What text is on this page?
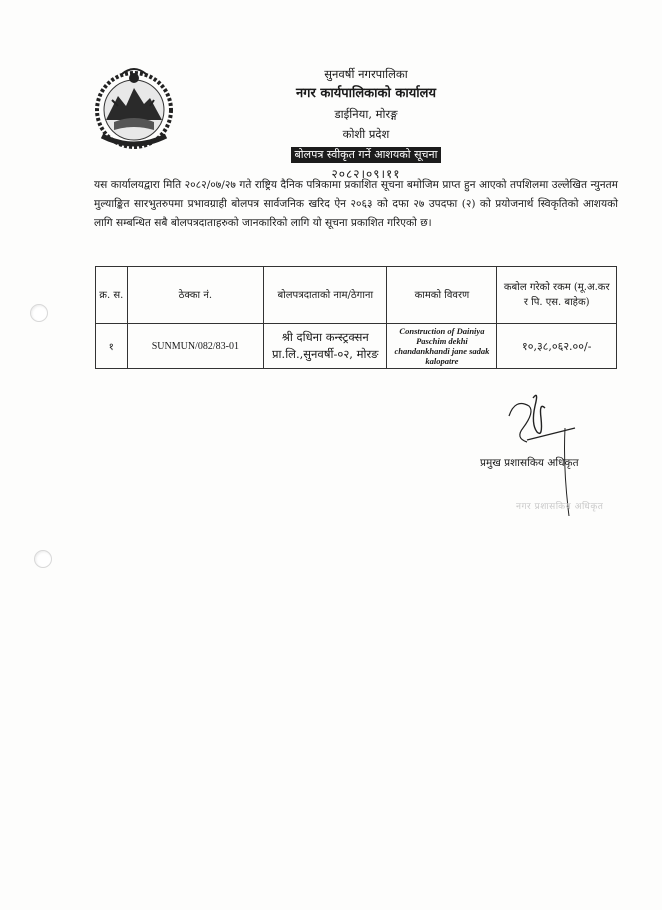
सुनवर्षी नगरपालिका
नगर कार्यपालिकाको कार्यालय
डाईनिया, मोरङ्ग
कोशी प्रदेश
बोलपत्र स्वीकृत गर्ने आशयको सूचना
२०८२।०९।११
यस कार्यालयद्वारा मिति २०८२/०७/२७ गते राष्ट्रिय दैनिक पत्रिकामा प्रकाशित सूचना बमोजिम प्राप्त हुन आएको तपशिलमा उल्लेखित न्युनतम मुल्याङ्कित सारभुतरुपमा प्रभावग्राही बोलपत्र सार्वजनिक खरिद ऐन २०६३ को दफा २७ उपदफा (२) को प्रयोजनार्थ स्विकृतिको आशयको लागि सम्बन्धित सबै बोलपत्रदाताहरुको जानकारिको लागि यो सूचना प्रकाशित गरिएको छ।
क्र. स.	ठेक्का नं.	बोलपत्रदाताको नाम/ठेगाना	कामको विवरण	कबोल गरेको रकम (मू.अ.कर र पि. एस. बाहेक)
१	SUNMUN/082/83-01	श्री दधिना कन्स्ट्रक्सन प्रा.लि.,सुनवर्षी-०२, मोरङ	Construction of Dainiya Paschim dekhi chandankhandi jane sadak kalopatre	१०,३८,०६२.००/-
प्रमुख प्रशासकिय अधिकृत
नगर प्रशासकिय अधिकृत
